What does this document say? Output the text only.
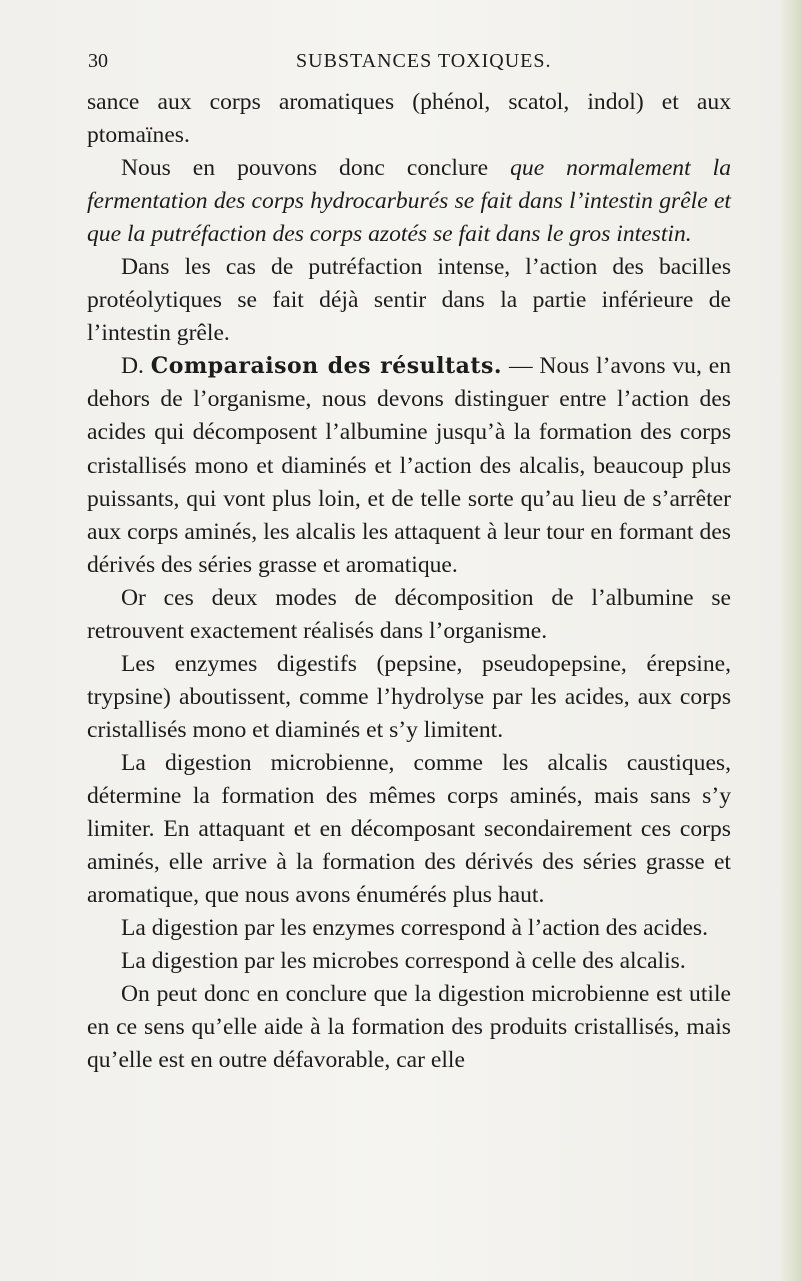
30	SUBSTANCES TOXIQUES.

sance aux corps aromatiques (phénol, scatol, indol) et aux ptomaïnes.

Nous en pouvons donc conclure que normalement la fermentation des corps hydrocarburés se fait dans l’intestin grêle et que la putréfaction des corps azotés se fait dans le gros intestin.

Dans les cas de putréfaction intense, l’action des bacilles protéolytiques se fait déjà sentir dans la partie inférieure de l’intestin grêle.

D. Comparaison des résultats. — Nous l’avons vu, en dehors de l’organisme, nous devons distinguer entre l’action des acides qui décomposent l’albumine jusqu’à la formation des corps cristallisés mono et diaminés et l’action des alcalis, beaucoup plus puissants, qui vont plus loin, et de telle sorte qu’au lieu de s’arrêter aux corps aminés, les alcalis les attaquent à leur tour en formant des dérivés des séries grasse et aromatique.

Or ces deux modes de décomposition de l’albumine se retrouvent exactement réalisés dans l’organisme.

Les enzymes digestifs (pepsine, pseudopepsine, érepsine, trypsine) aboutissent, comme l’hydrolyse par les acides, aux corps cristallisés mono et diaminés et s’y limitent.

La digestion microbienne, comme les alcalis caustiques, détermine la formation des mêmes corps aminés, mais sans s’y limiter. En attaquant et en décomposant secondairement ces corps aminés, elle arrive à la formation des dérivés des séries grasse et aromatique, que nous avons énumérés plus haut.

La digestion par les enzymes correspond à l’action des acides.

La digestion par les microbes correspond à celle des alcalis.

On peut donc en conclure que la digestion microbienne est utile en ce sens qu’elle aide à la formation des produits cristallisés, mais qu’elle est en outre défavorable, car elle
